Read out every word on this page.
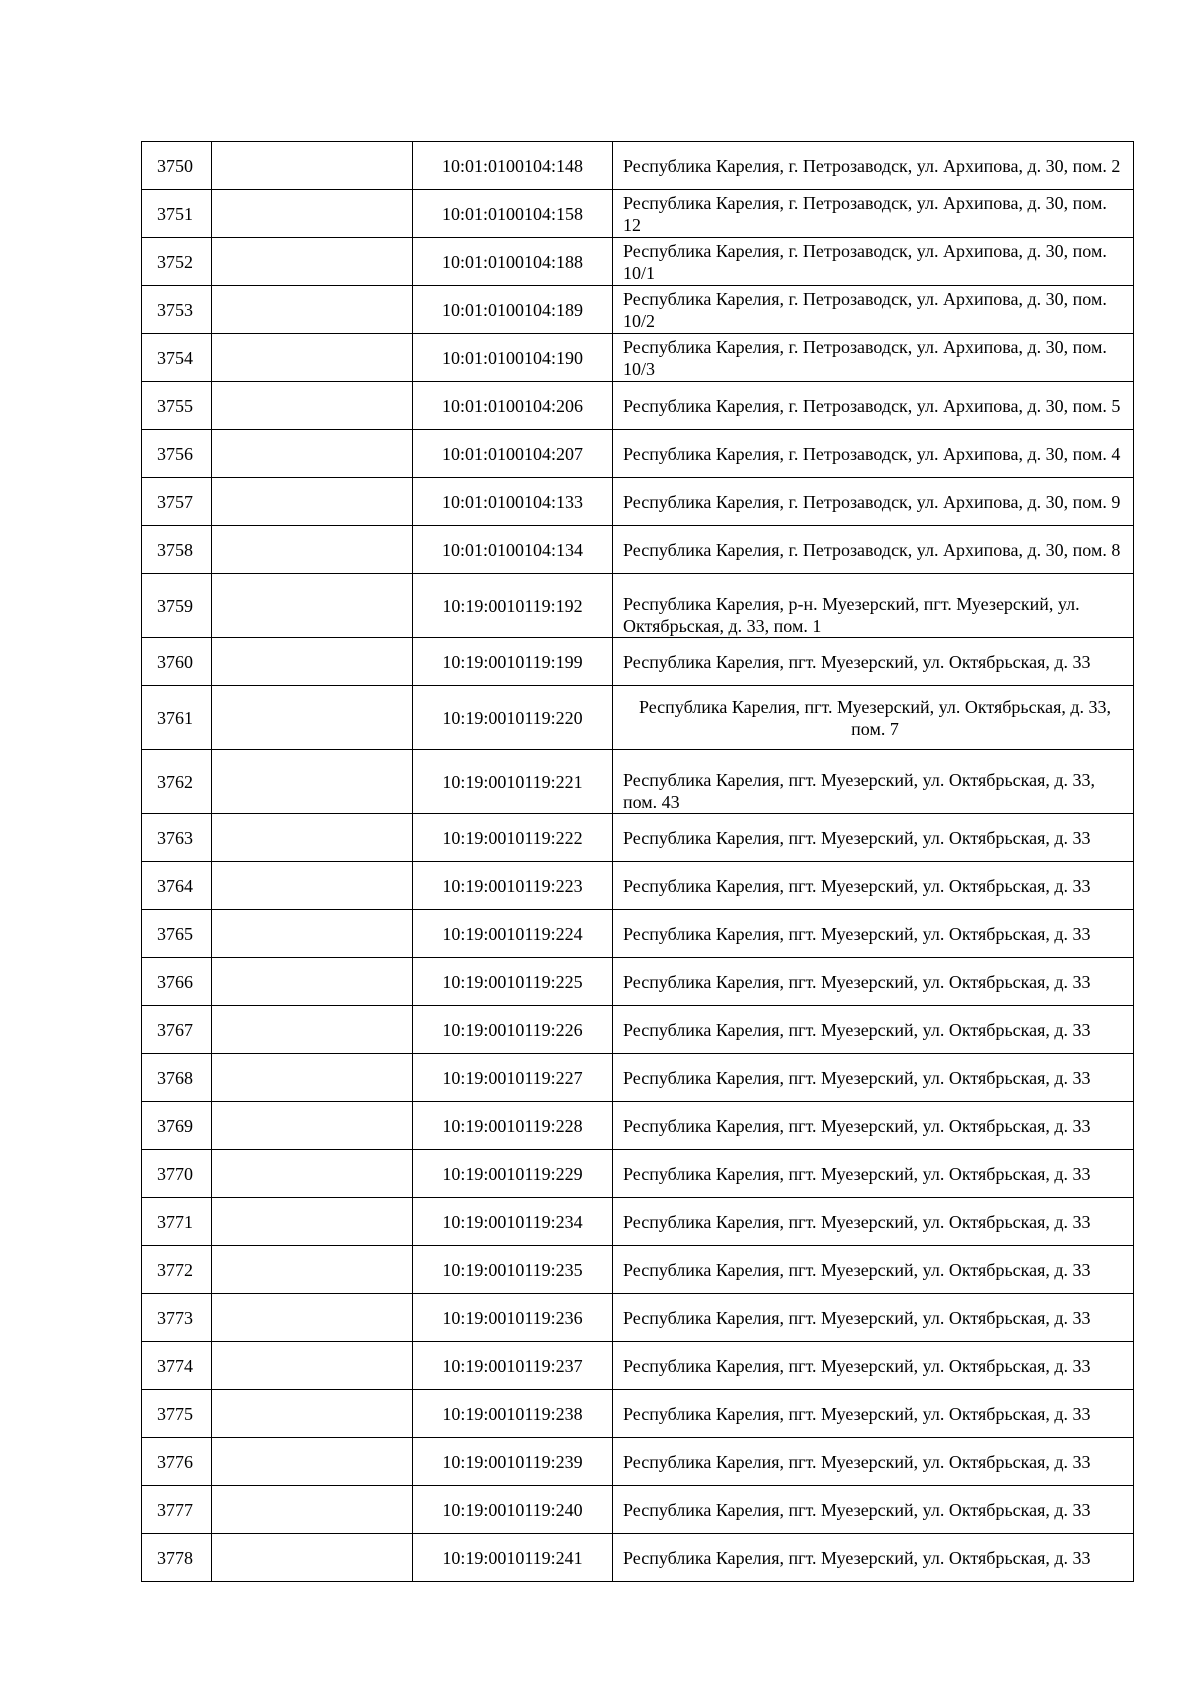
3750		10:01:0100104:148	Республика Карелия, г. Петрозаводск, ул. Архипова, д. 30, пом. 2
3751		10:01:0100104:158	Республика Карелия, г. Петрозаводск, ул. Архипова, д. 30, пом. 12
3752		10:01:0100104:188	Республика Карелия, г. Петрозаводск, ул. Архипова, д. 30, пом. 10/1
3753		10:01:0100104:189	Республика Карелия, г. Петрозаводск, ул. Архипова, д. 30, пом. 10/2
3754		10:01:0100104:190	Республика Карелия, г. Петрозаводск, ул. Архипова, д. 30, пом. 10/3
3755		10:01:0100104:206	Республика Карелия, г. Петрозаводск, ул. Архипова, д. 30, пом. 5
3756		10:01:0100104:207	Республика Карелия, г. Петрозаводск, ул. Архипова, д. 30, пом. 4
3757		10:01:0100104:133	Республика Карелия, г. Петрозаводск, ул. Архипова, д. 30, пом. 9
3758		10:01:0100104:134	Республика Карелия, г. Петрозаводск, ул. Архипова, д. 30, пом. 8
3759		10:19:0010119:192	Республика Карелия, р-н. Муезерский, пгт. Муезерский, ул. Октябрьская, д. 33, пом. 1
3760		10:19:0010119:199	Республика Карелия, пгт. Муезерский, ул. Октябрьская, д. 33
3761		10:19:0010119:220	Республика Карелия, пгт. Муезерский, ул. Октябрьская, д. 33, пом. 7
3762		10:19:0010119:221	Республика Карелия, пгт. Муезерский, ул. Октябрьская, д. 33, пом. 43
3763		10:19:0010119:222	Республика Карелия, пгт. Муезерский, ул. Октябрьская, д. 33
3764		10:19:0010119:223	Республика Карелия, пгт. Муезерский, ул. Октябрьская, д. 33
3765		10:19:0010119:224	Республика Карелия, пгт. Муезерский, ул. Октябрьская, д. 33
3766		10:19:0010119:225	Республика Карелия, пгт. Муезерский, ул. Октябрьская, д. 33
3767		10:19:0010119:226	Республика Карелия, пгт. Муезерский, ул. Октябрьская, д. 33
3768		10:19:0010119:227	Республика Карелия, пгт. Муезерский, ул. Октябрьская, д. 33
3769		10:19:0010119:228	Республика Карелия, пгт. Муезерский, ул. Октябрьская, д. 33
3770		10:19:0010119:229	Республика Карелия, пгт. Муезерский, ул. Октябрьская, д. 33
3771		10:19:0010119:234	Республика Карелия, пгт. Муезерский, ул. Октябрьская, д. 33
3772		10:19:0010119:235	Республика Карелия, пгт. Муезерский, ул. Октябрьская, д. 33
3773		10:19:0010119:236	Республика Карелия, пгт. Муезерский, ул. Октябрьская, д. 33
3774		10:19:0010119:237	Республика Карелия, пгт. Муезерский, ул. Октябрьская, д. 33
3775		10:19:0010119:238	Республика Карелия, пгт. Муезерский, ул. Октябрьская, д. 33
3776		10:19:0010119:239	Республика Карелия, пгт. Муезерский, ул. Октябрьская, д. 33
3777		10:19:0010119:240	Республика Карелия, пгт. Муезерский, ул. Октябрьская, д. 33
3778		10:19:0010119:241	Республика Карелия, пгт. Муезерский, ул. Октябрьская, д. 33
